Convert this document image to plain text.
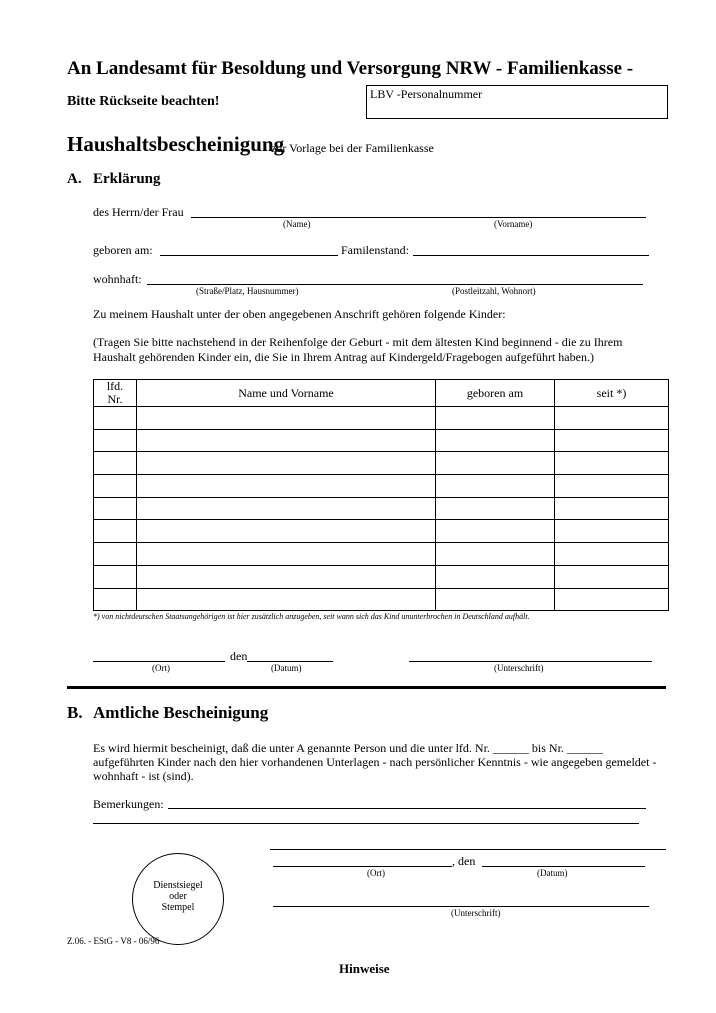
An Landesamt für Besoldung und Versorgung NRW - Familienkasse -
Bitte Rückseite beachten!	LBV -Personalnummer
Haushaltsbescheinigung
zur Vorlage bei der Familienkasse
A. Erklärung
des Herrn/der Frau
(Name)	(Vorname)
geboren am:	Familenstand:
wohnhaft:
(Straße/Platz, Hausnummer)	(Postleitzahl, Wohnort)
Zu meinem Haushalt unter der oben angegebenen Anschrift gehören folgende Kinder:
(Tragen Sie bitte nachstehend in der Reihenfolge der Geburt - mit dem ältesten Kind beginnend - die zu Ihrem
Haushalt gehörenden Kinder ein, die Sie in Ihrem Antrag auf Kindergeld/Fragebogen aufgeführt haben.)
lfd.
Nr.	Name und Vorname	geboren am	seit *)

*) von nichtdeutschen Staatsangehörigen ist hier zusätzlich anzugeben, seit wann sich das Kind ununterbrochen in Deutschland aufhält.
den
(Ort)	(Datum)	(Unterschrift)
B. Amtliche Bescheinigung
Es wird hiermit bescheinigt, daß die unter A genannte Person und die unter lfd. Nr. ______ bis Nr. ______
aufgeführten Kinder nach den hier vorhandenen Unterlagen - nach persönlicher Kenntnis - wie angegeben gemeldet -
wohnhaft - ist (sind).
Bemerkungen:
Dienstsiegel
oder
Stempel
, den
(Ort)	(Datum)
(Unterschrift)
Z.06. - EStG - V8 - 06/96
Hinweise
